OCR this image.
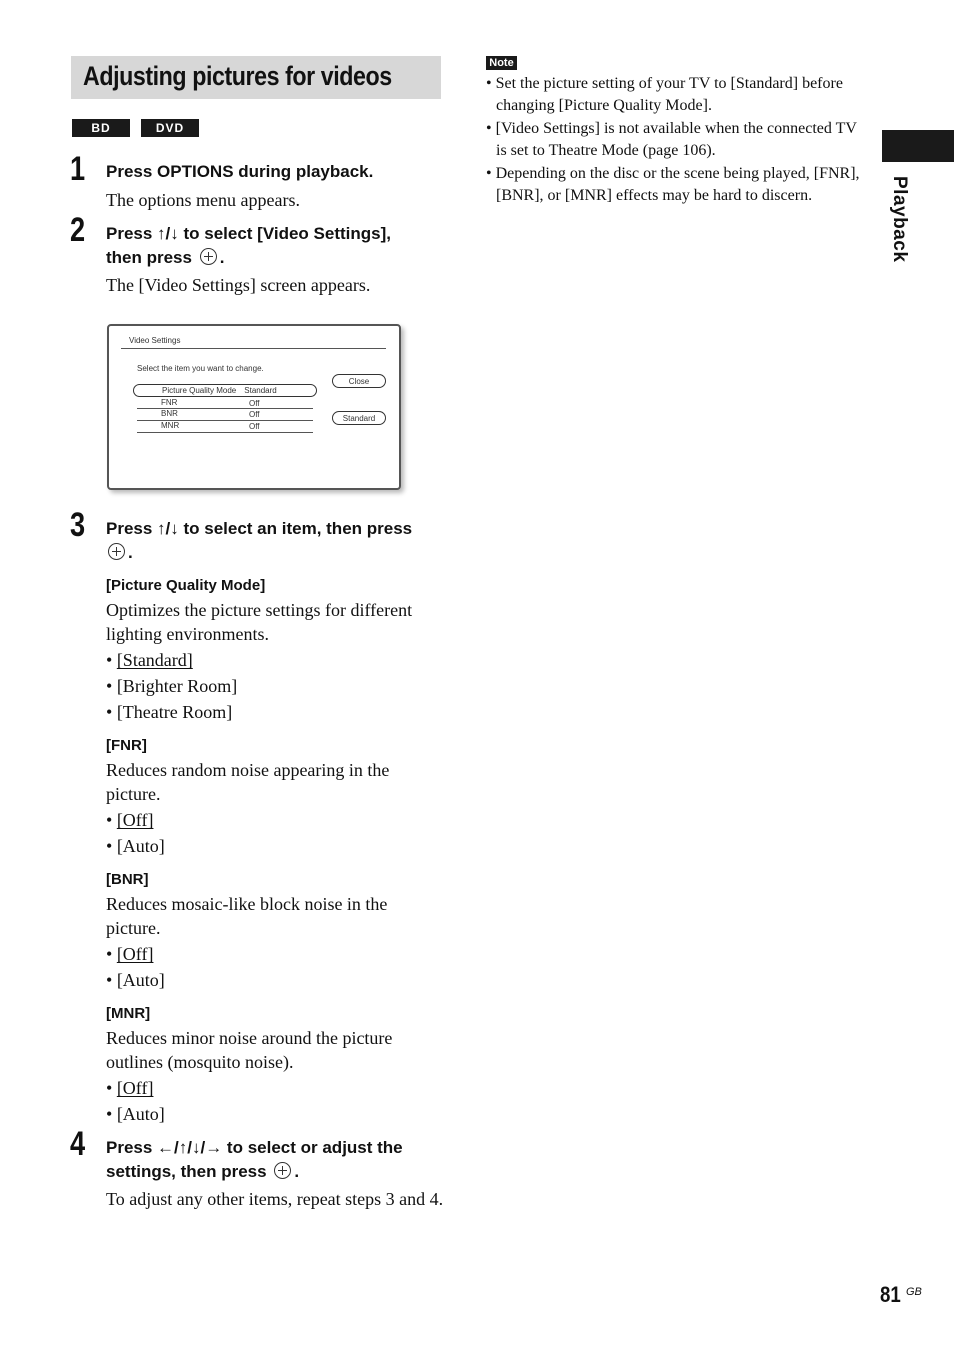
Adjusting pictures for videos
BD	DVD
1 Press OPTIONS during playback.
The options menu appears.
2 Press ↑/↓ to select [Video Settings],
then press .
The [Video Settings] screen appears.
Video Settings
Select the item you want to change.
Picture Quality Mode Standard
FNR	Off
BNR	Off
MNR	Off
Close
Standard
3 Press ↑/↓ to select an item, then press
.
[Picture Quality Mode]
Optimizes the picture settings for different lighting environments.
• [Standard]
• [Brighter Room]
• [Theatre Room]
[FNR]
Reduces random noise appearing in the picture.
• [Off]
• [Auto]
[BNR]
Reduces mosaic-like block noise in the picture.
• [Off]
• [Auto]
[MNR]
Reduces minor noise around the picture outlines (mosquito noise).
• [Off]
• [Auto]
4 Press ←/↑/↓/→ to select or adjust the
settings, then press .
To adjust any other items, repeat steps 3 and 4.
Note
• Set the picture setting of your TV to [Standard] before changing [Picture Quality Mode].
• [Video Settings] is not available when the connected TV is set to Theatre Mode (page 106).
• Depending on the disc or the scene being played, [FNR], [BNR], or [MNR] effects may be hard to discern.	Playback
81 GB
